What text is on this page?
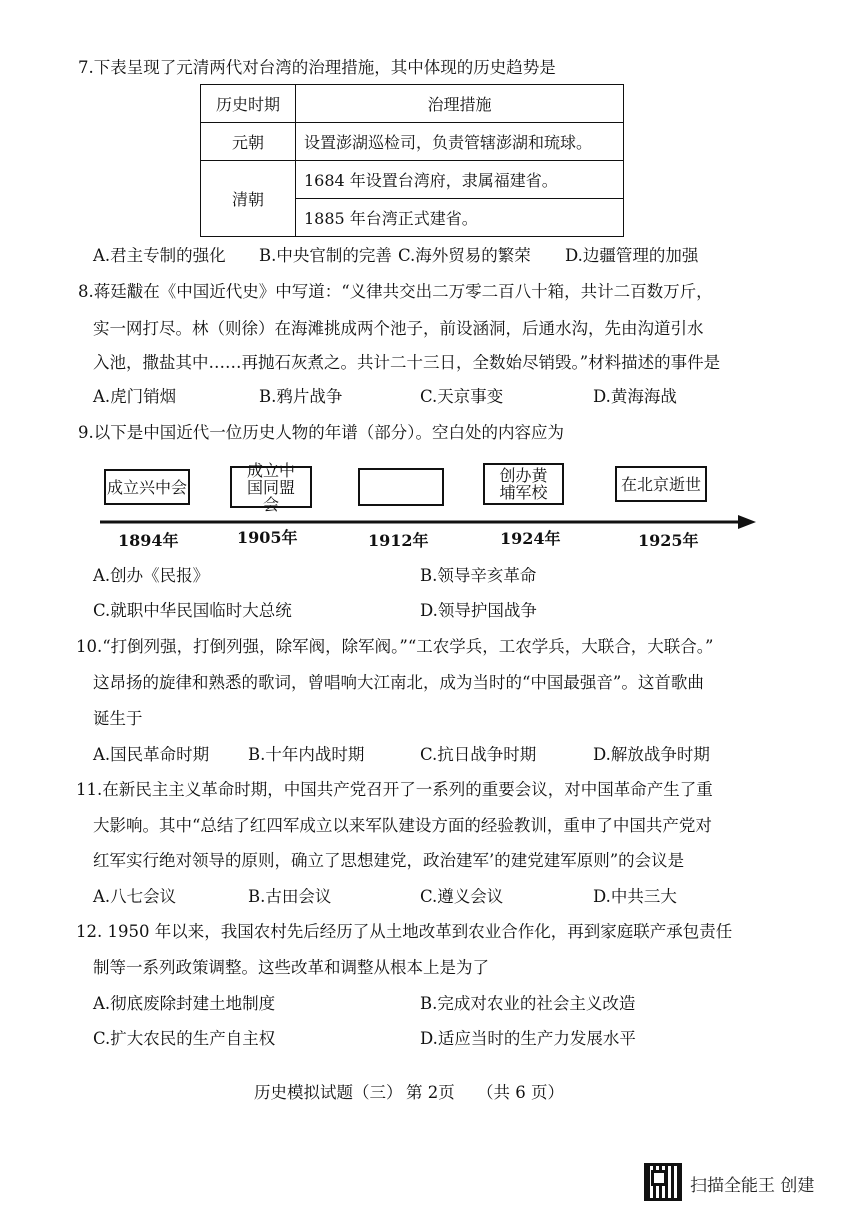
7.下表呈现了元清两代对台湾的治理措施，其中体现的历史趋势是
历史时期	治理措施
元朝	设置澎湖巡检司，负责管辖澎湖和琉球。
清朝	1684 年设置台湾府，隶属福建省。
	1885 年台湾正式建省。
A.君主专制的强化 B.中央官制的完善 C.海外贸易的繁荣 D.边疆管理的加强
8.蒋廷黻在《中国近代史》中写道：“义律共交出二万零二百八十箱，共计二百数万斤，
实一网打尽。林（则徐）在海滩挑成两个池子，前设涵洞，后通水沟，先由沟道引水
入池，撒盐其中……再抛石灰煮之。共计二十三日，全数始尽销毁。”材料描述的事件是
A.虎门销烟	B.鸦片战争	C.天京事变	D.黄海海战
9.以下是中国近代一位历史人物的年谱（部分）。空白处的内容应为
成立兴中会
成立中国同盟会
创办黄埔军校	在北京逝世
1894年	1905年	1912年	1924年	1925年
A.创办《民报》	B.领导辛亥革命
C.就职中华民国临时大总统	D.领导护国战争
10.“打倒列强，打倒列强，除军阀，除军阀。”“工农学兵，工农学兵，大联合，大联合。”
这昂扬的旋律和熟悉的歌词，曾唱响大江南北，成为当时的“中国最强音”。这首歌曲
诞生于
A.国民革命时期 B.十年内战时期	C.抗日战争时期	D.解放战争时期
11.在新民主主义革命时期，中国共产党召开了一系列的重要会议，对中国革命产生了重
大影响。其中“总结了红四军成立以来军队建设方面的经验教训，重申了中国共产党对
红军实行绝对领导的原则，确立了思想建党，政治建军’的建党建军原则”的会议是
A.八七会议	B.古田会议	C.遵义会议	D.中共三大
12. 1950 年以来，我国农村先后经历了从土地改革到农业合作化，再到家庭联产承包责任
制等一系列政策调整。这些改革和调整从根本上是为了
A.彻底废除封建土地制度	B.完成对农业的社会主义改造
C.扩大农民的生产自主权	D.适应当时的生产力发展水平
历史模拟试题（三） 第 2页 （共 6 页）
扫描全能王 创建
